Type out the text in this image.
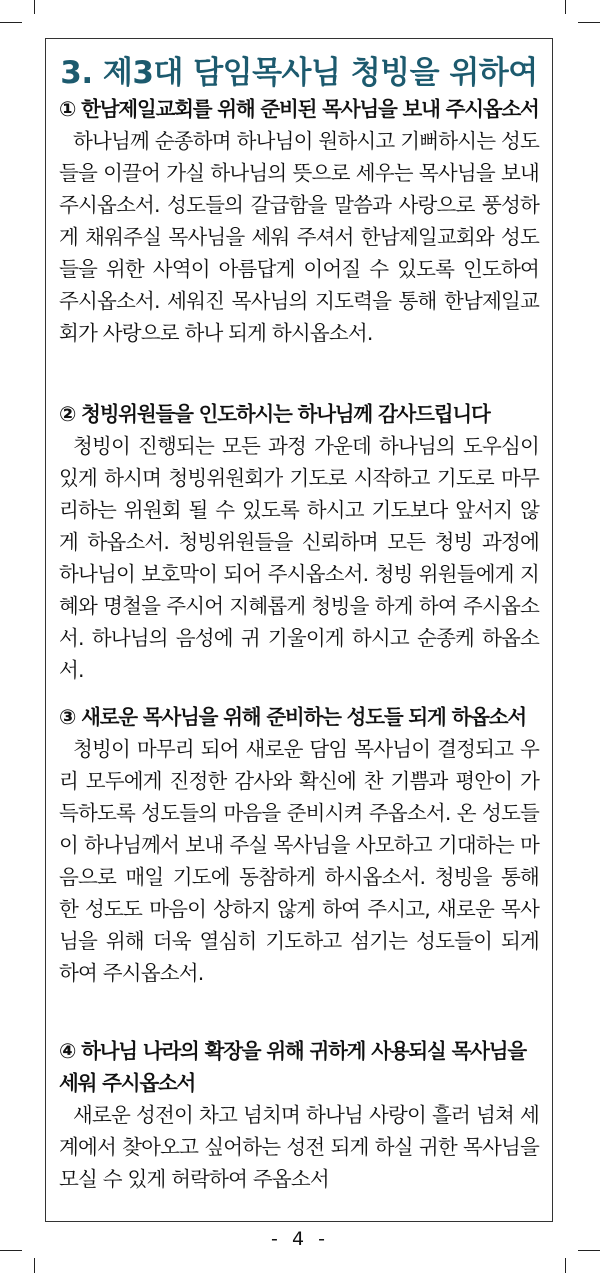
3. 제3대 담임목사님 청빙을 위하여
① 한남제일교회를 위해 준비된 목사님을 보내 주시옵소서
하나님께 순종하며 하나님이 원하시고 기뻐하시는 성도들을 이끌어 가실 하나님의 뜻으로 세우는 목사님을 보내 주시옵소서. 성도들의 갈급함을 말씀과 사랑으로 풍성하게 채워주실 목사님을 세워 주셔서 한남제일교회와 성도들을 위한 사역이 아름답게 이어질 수 있도록 인도하여 주시옵소서. 세워진 목사님의 지도력을 통해 한남제일교회가 사랑으로 하나 되게 하시옵소서.
② 청빙위원들을 인도하시는 하나님께 감사드립니다
청빙이 진행되는 모든 과정 가운데 하나님의 도우심이 있게 하시며 청빙위원회가 기도로 시작하고 기도로 마무리하는 위원회 될 수 있도록 하시고 기도보다 앞서지 않게 하옵소서. 청빙위원들을 신뢰하며 모든 청빙 과정에 하나님이 보호막이 되어 주시옵소서. 청빙 위원들에게 지혜와 명철을 주시어 지혜롭게 청빙을 하게 하여 주시옵소서. 하나님의 음성에 귀 기울이게 하시고 순종케 하옵소서.
③ 새로운 목사님을 위해 준비하는 성도들 되게 하옵소서
청빙이 마무리 되어 새로운 담임 목사님이 결정되고 우리 모두에게 진정한 감사와 확신에 찬 기쁨과 평안이 가득하도록 성도들의 마음을 준비시켜 주옵소서. 온 성도들이 하나님께서 보내 주실 목사님을 사모하고 기대하는 마음으로 매일 기도에 동참하게 하시옵소서. 청빙을 통해 한 성도도 마음이 상하지 않게 하여 주시고, 새로운 목사님을 위해 더욱 열심히 기도하고 섬기는 성도들이 되게 하여 주시옵소서.
④ 하나님 나라의 확장을 위해 귀하게 사용되실 목사님을 세워 주시옵소서
새로운 성전이 차고 넘치며 하나님 사랑이 흘러 넘쳐 세계에서 찾아오고 싶어하는 성전 되게 하실 귀한 목사님을 모실 수 있게 허락하여 주옵소서
- 4 -
